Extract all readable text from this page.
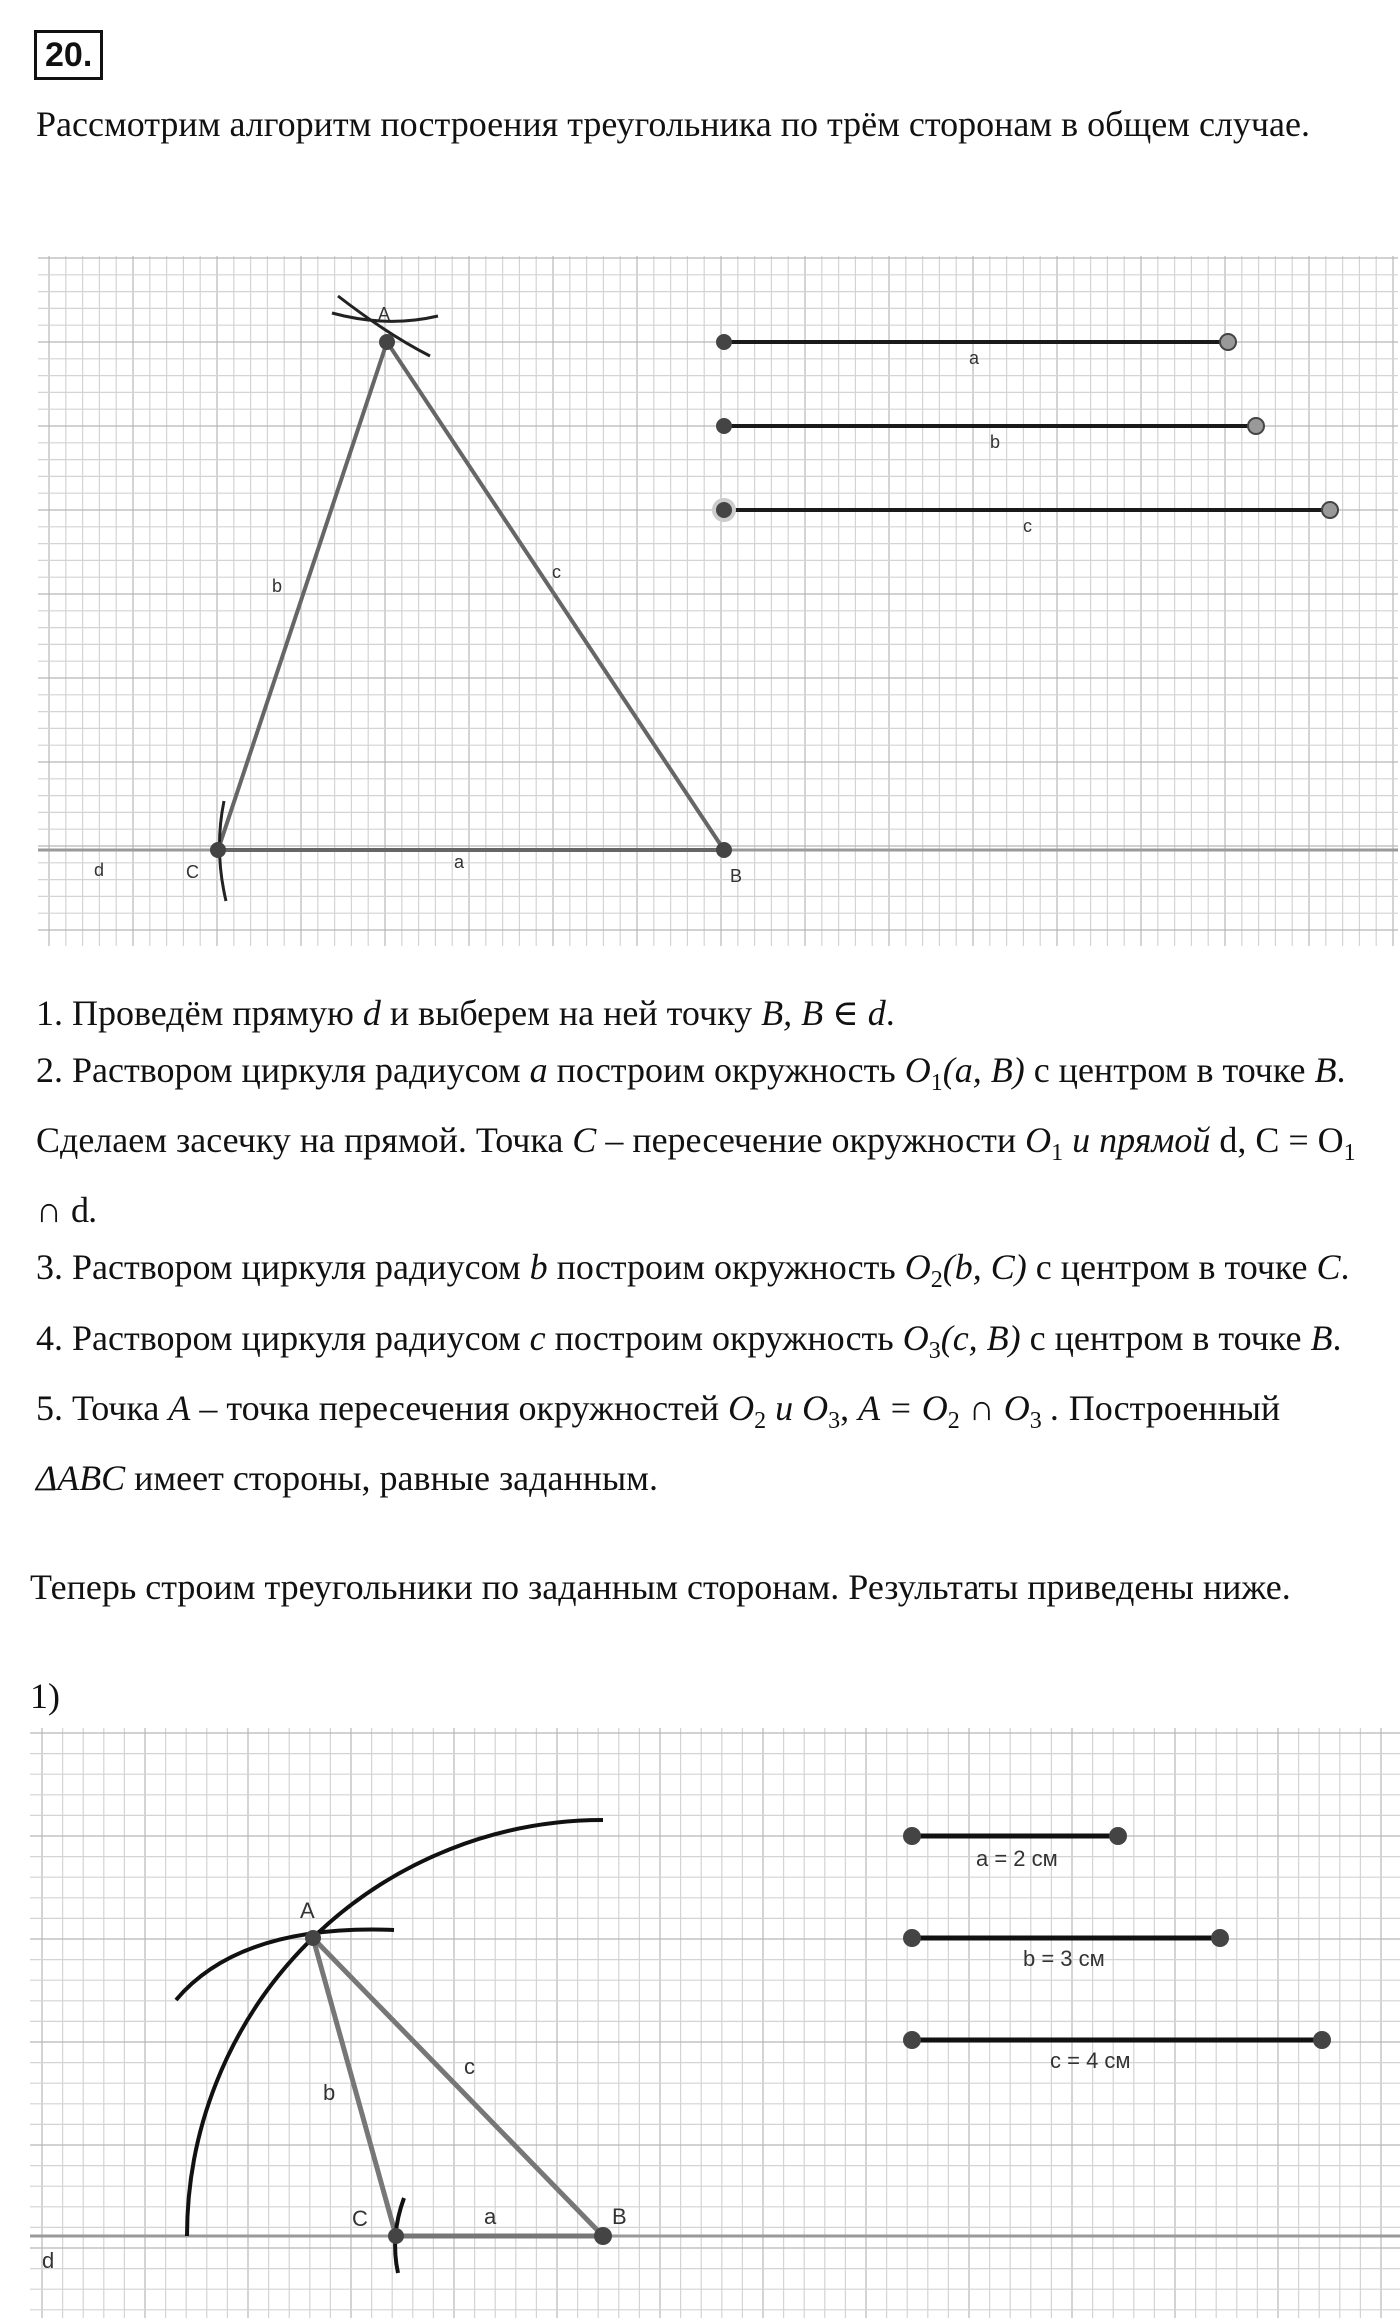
20.

Рассмотрим алгоритм построения треугольника по трём сторонам в общем случае.

A
B
C
d	a
b
c
a
b
c

1. Проведём прямую d и выберем на ней точку B, B ∈ d.

2. Раствором циркуля радиусом a построим окружность $O_1(a$, B) с центром в точке B. Сделаем засечку на прямой. Точка C – пересечение окружности $O_1$ и прямой d, $C = O_1$ ∩ d.

3. Раствором циркуля радиусом b построим окружность $O_2(b$, C) с центром в точке C.

4. Раствором циркуля радиусом c построим окружность $O_3(c$, B) с центром в точке B.

5. Точка A – точка пересечения окружностей $O_2$ и $O_3$, $A = O_2$ ∩ $O_3$ . Построенный ΔABC имеет стороны, равные заданным.

Теперь строим треугольники по заданным сторонам. Результаты приведены ниже.

1)
A
B
C
d
a
b
c
a = 2 см
b = 3 см
c = 4 см
